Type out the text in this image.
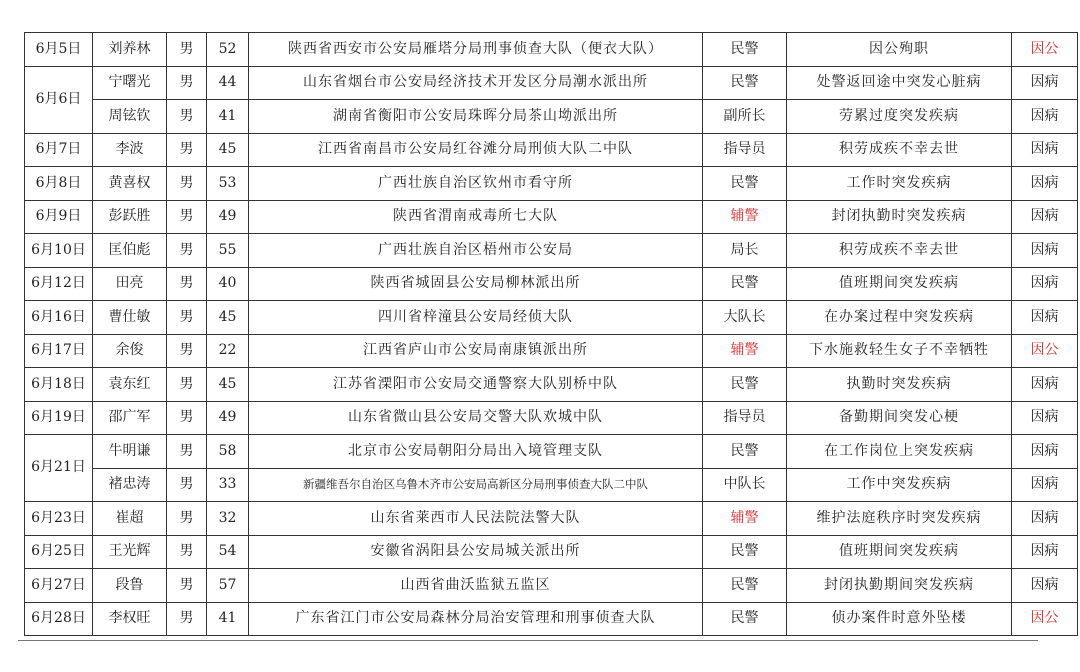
6月5日	刘养林	男	52	陕西省西安市公安局雁塔分局刑事侦查大队（便衣大队）	民警	因公殉职	因公
6月6日	宁曙光	男	44	山东省烟台市公安局经济技术开发区分局潮水派出所	民警	处警返回途中突发心脏病	因病
	周铉钦	男	41	湖南省衡阳市公安局珠晖分局茶山坳派出所	副所长	劳累过度突发疾病	因病
6月7日	李波	男	45	江西省南昌市公安局红谷滩分局刑侦大队二中队	指导员	积劳成疾不幸去世	因病
6月8日	黄喜权	男	53	广西壮族自治区钦州市看守所	民警	工作时突发疾病	因病
6月9日	彭跃胜	男	49	陕西省渭南戒毒所七大队	辅警	封闭执勤时突发疾病	因病
6月10日	匡伯彪	男	55	广西壮族自治区梧州市公安局	局长	积劳成疾不幸去世	因病
6月12日	田亮	男	40	陕西省城固县公安局柳林派出所	民警	值班期间突发疾病	因病
6月16日	曹仕敏	男	45	四川省梓潼县公安局经侦大队	大队长	在办案过程中突发疾病	因病
6月17日	余俊	男	22	江西省庐山市公安局南康镇派出所	辅警	下水施救轻生女子不幸牺牲	因公
6月18日	袁东红	男	45	江苏省溧阳市公安局交通警察大队别桥中队	民警	执勤时突发疾病	因病
6月19日	邵广军	男	49	山东省微山县公安局交警大队欢城中队	指导员	备勤期间突发心梗	因病
6月21日	牛明谦	男	58	北京市公安局朝阳分局出入境管理支队	民警	在工作岗位上突发疾病	因病
	褚忠涛	男	33	新疆维吾尔自治区乌鲁木齐市公安局高新区分局刑事侦查大队二中队	中队长	工作中突发疾病	因病
6月23日	崔超	男	32	山东省莱西市人民法院法警大队	辅警	维护法庭秩序时突发疾病	因病
6月25日	王光辉	男	54	安徽省涡阳县公安局城关派出所	民警	值班期间突发疾病	因病
6月27日	段鲁	男	57	山西省曲沃监狱五监区	民警	封闭执勤期间突发疾病	因病
6月28日	李权旺	男	41	广东省江门市公安局森林分局治安管理和刑事侦查大队	民警	侦办案件时意外坠楼	因公
